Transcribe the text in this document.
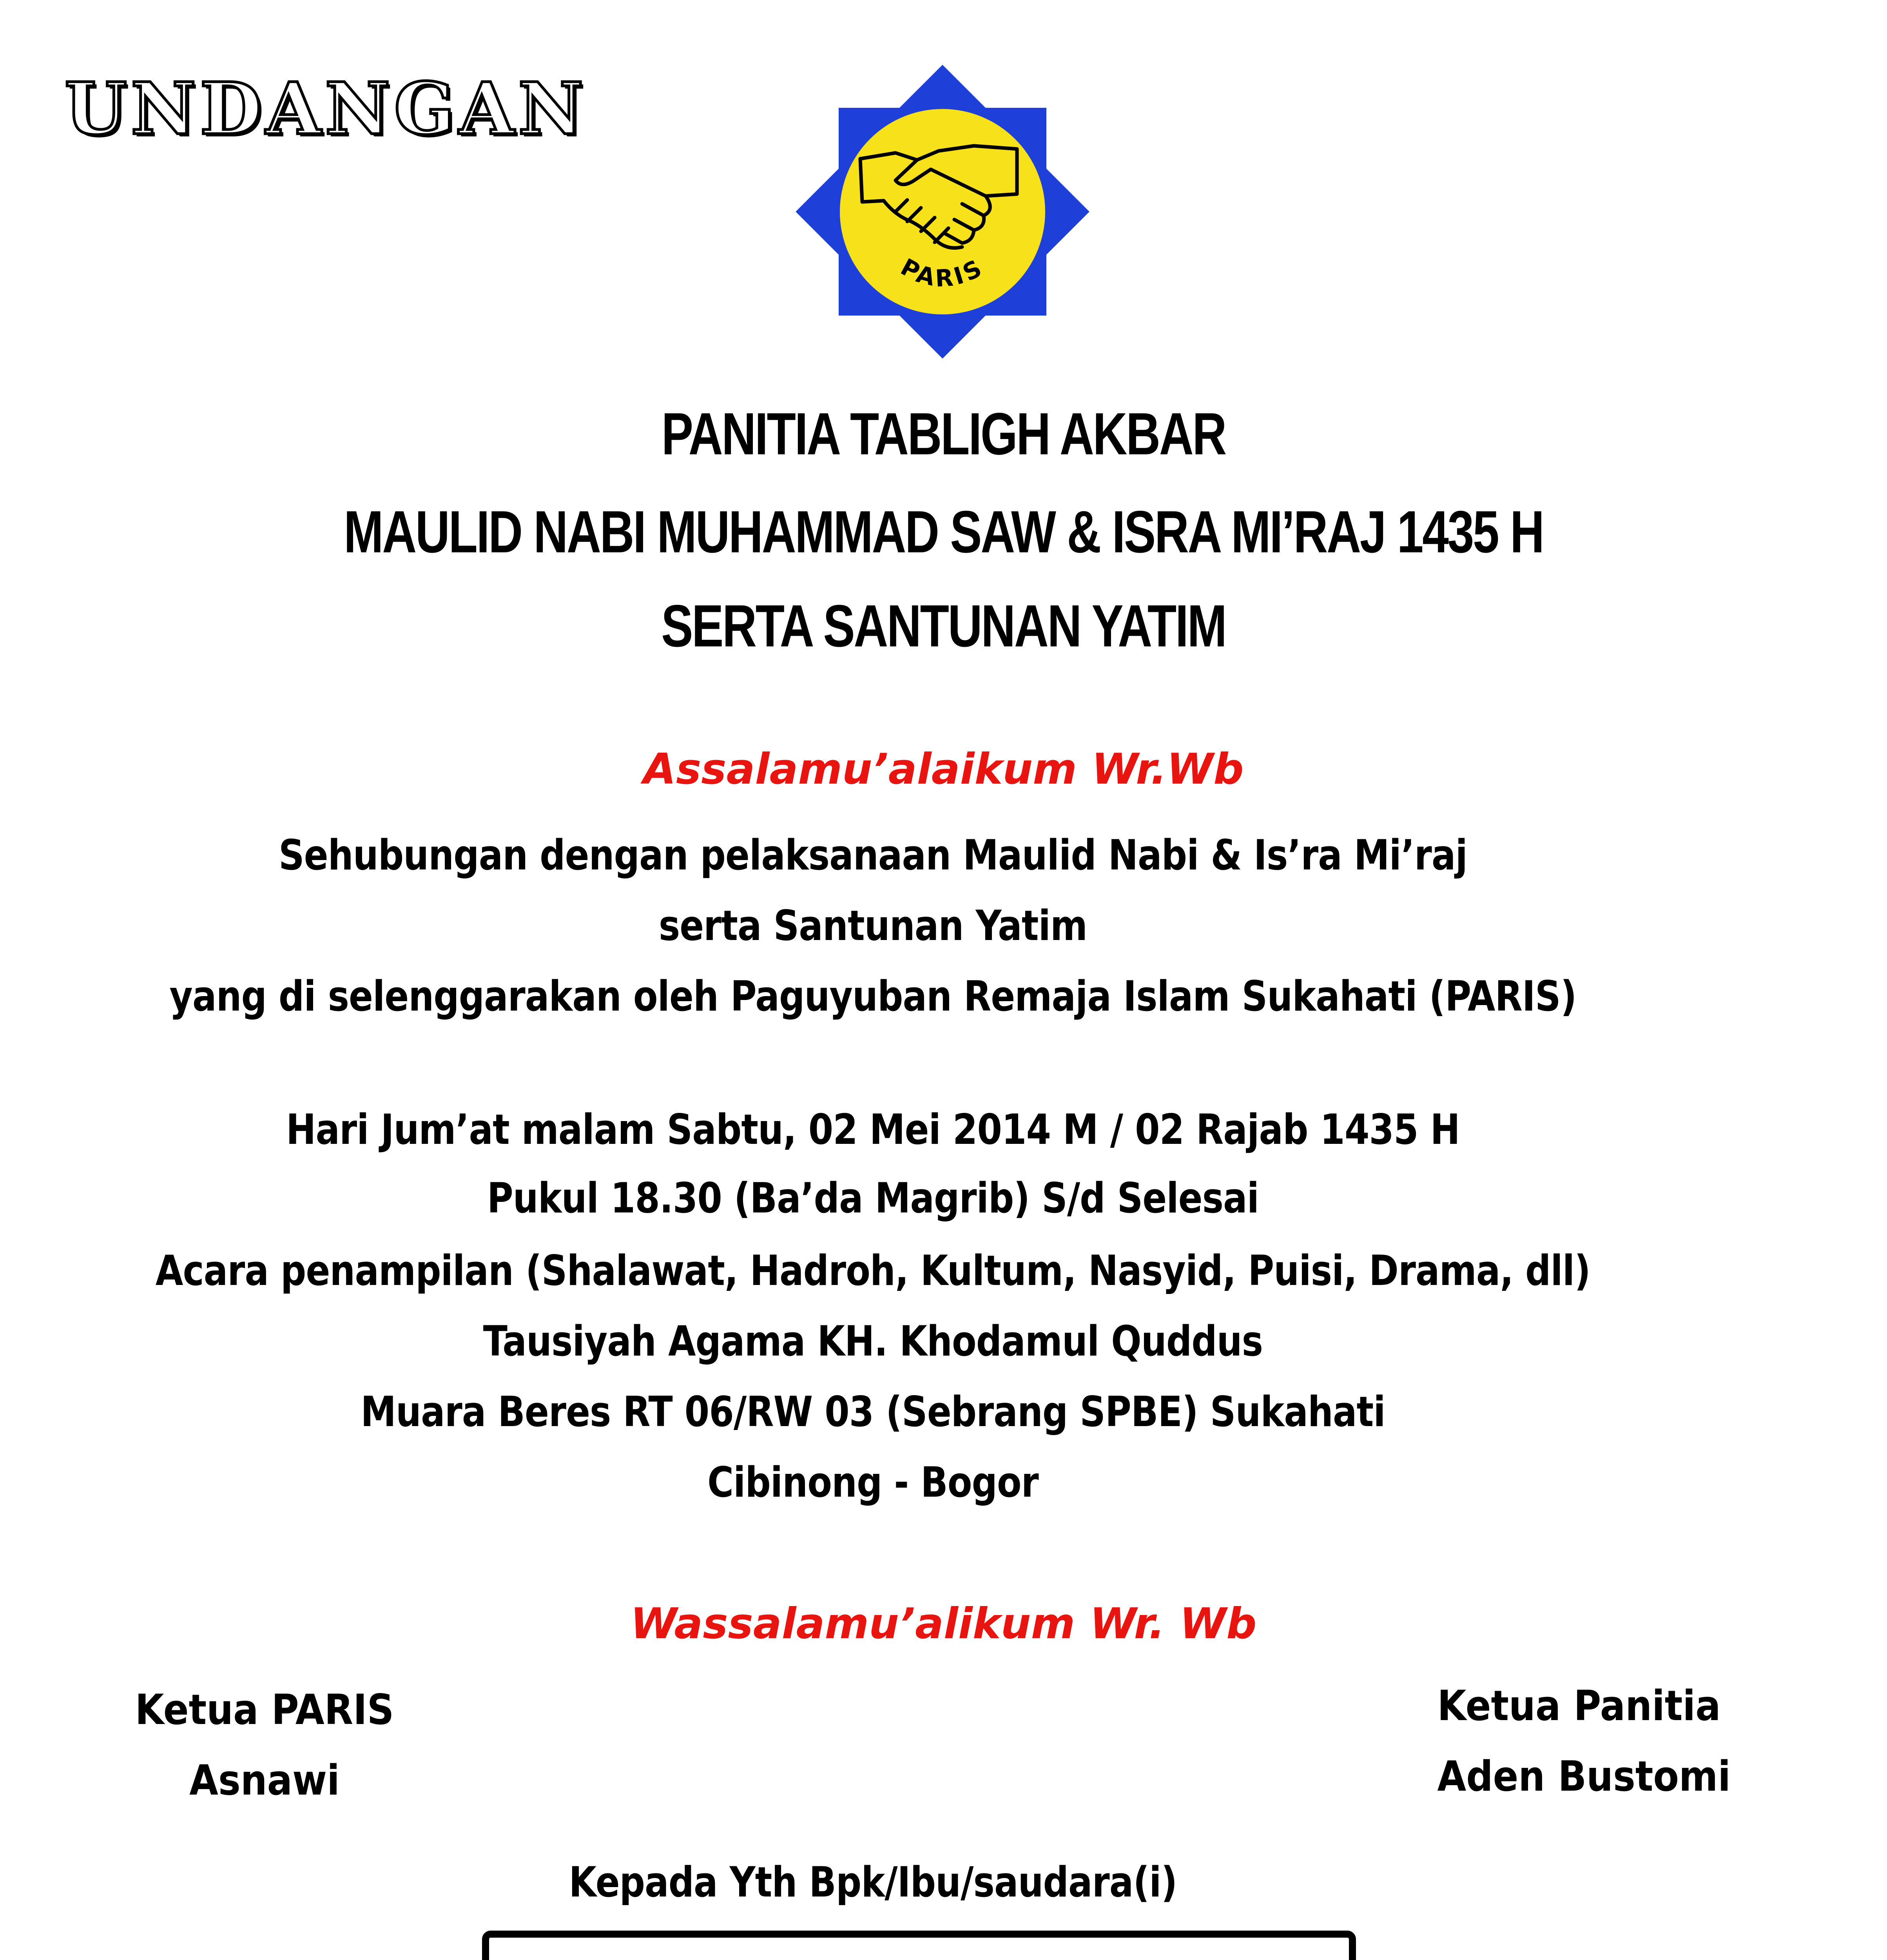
UNDANGAN
PARIS
PANITIA TABLIGH AKBAR
MAULID NABI MUHAMMAD SAW & ISRA MI’RAJ 1435 H
SERTA SANTUNAN YATIM
Assalamu’alaikum Wr.Wb
Sehubungan dengan pelaksanaan Maulid Nabi & Is’ra Mi’raj
serta Santunan Yatim
yang di selenggarakan oleh Paguyuban Remaja Islam Sukahati (PARIS)
Hari Jum’at malam Sabtu, 02 Mei 2014 M / 02 Rajab 1435 H
Pukul 18.30 (Ba’da Magrib) S/d Selesai
Acara penampilan (Shalawat, Hadroh, Kultum, Nasyid, Puisi, Drama, dll)
Tausiyah Agama KH. Khodamul Quddus
Muara Beres RT 06/RW 03 (Sebrang SPBE) Sukahati
Cibinong - Bogor
Wassalamu’alikum Wr. Wb
Ketua PARIS
Asnawi
Ketua Panitia
Aden Bustomi
Kepada Yth Bpk/Ibu/saudara(i)
